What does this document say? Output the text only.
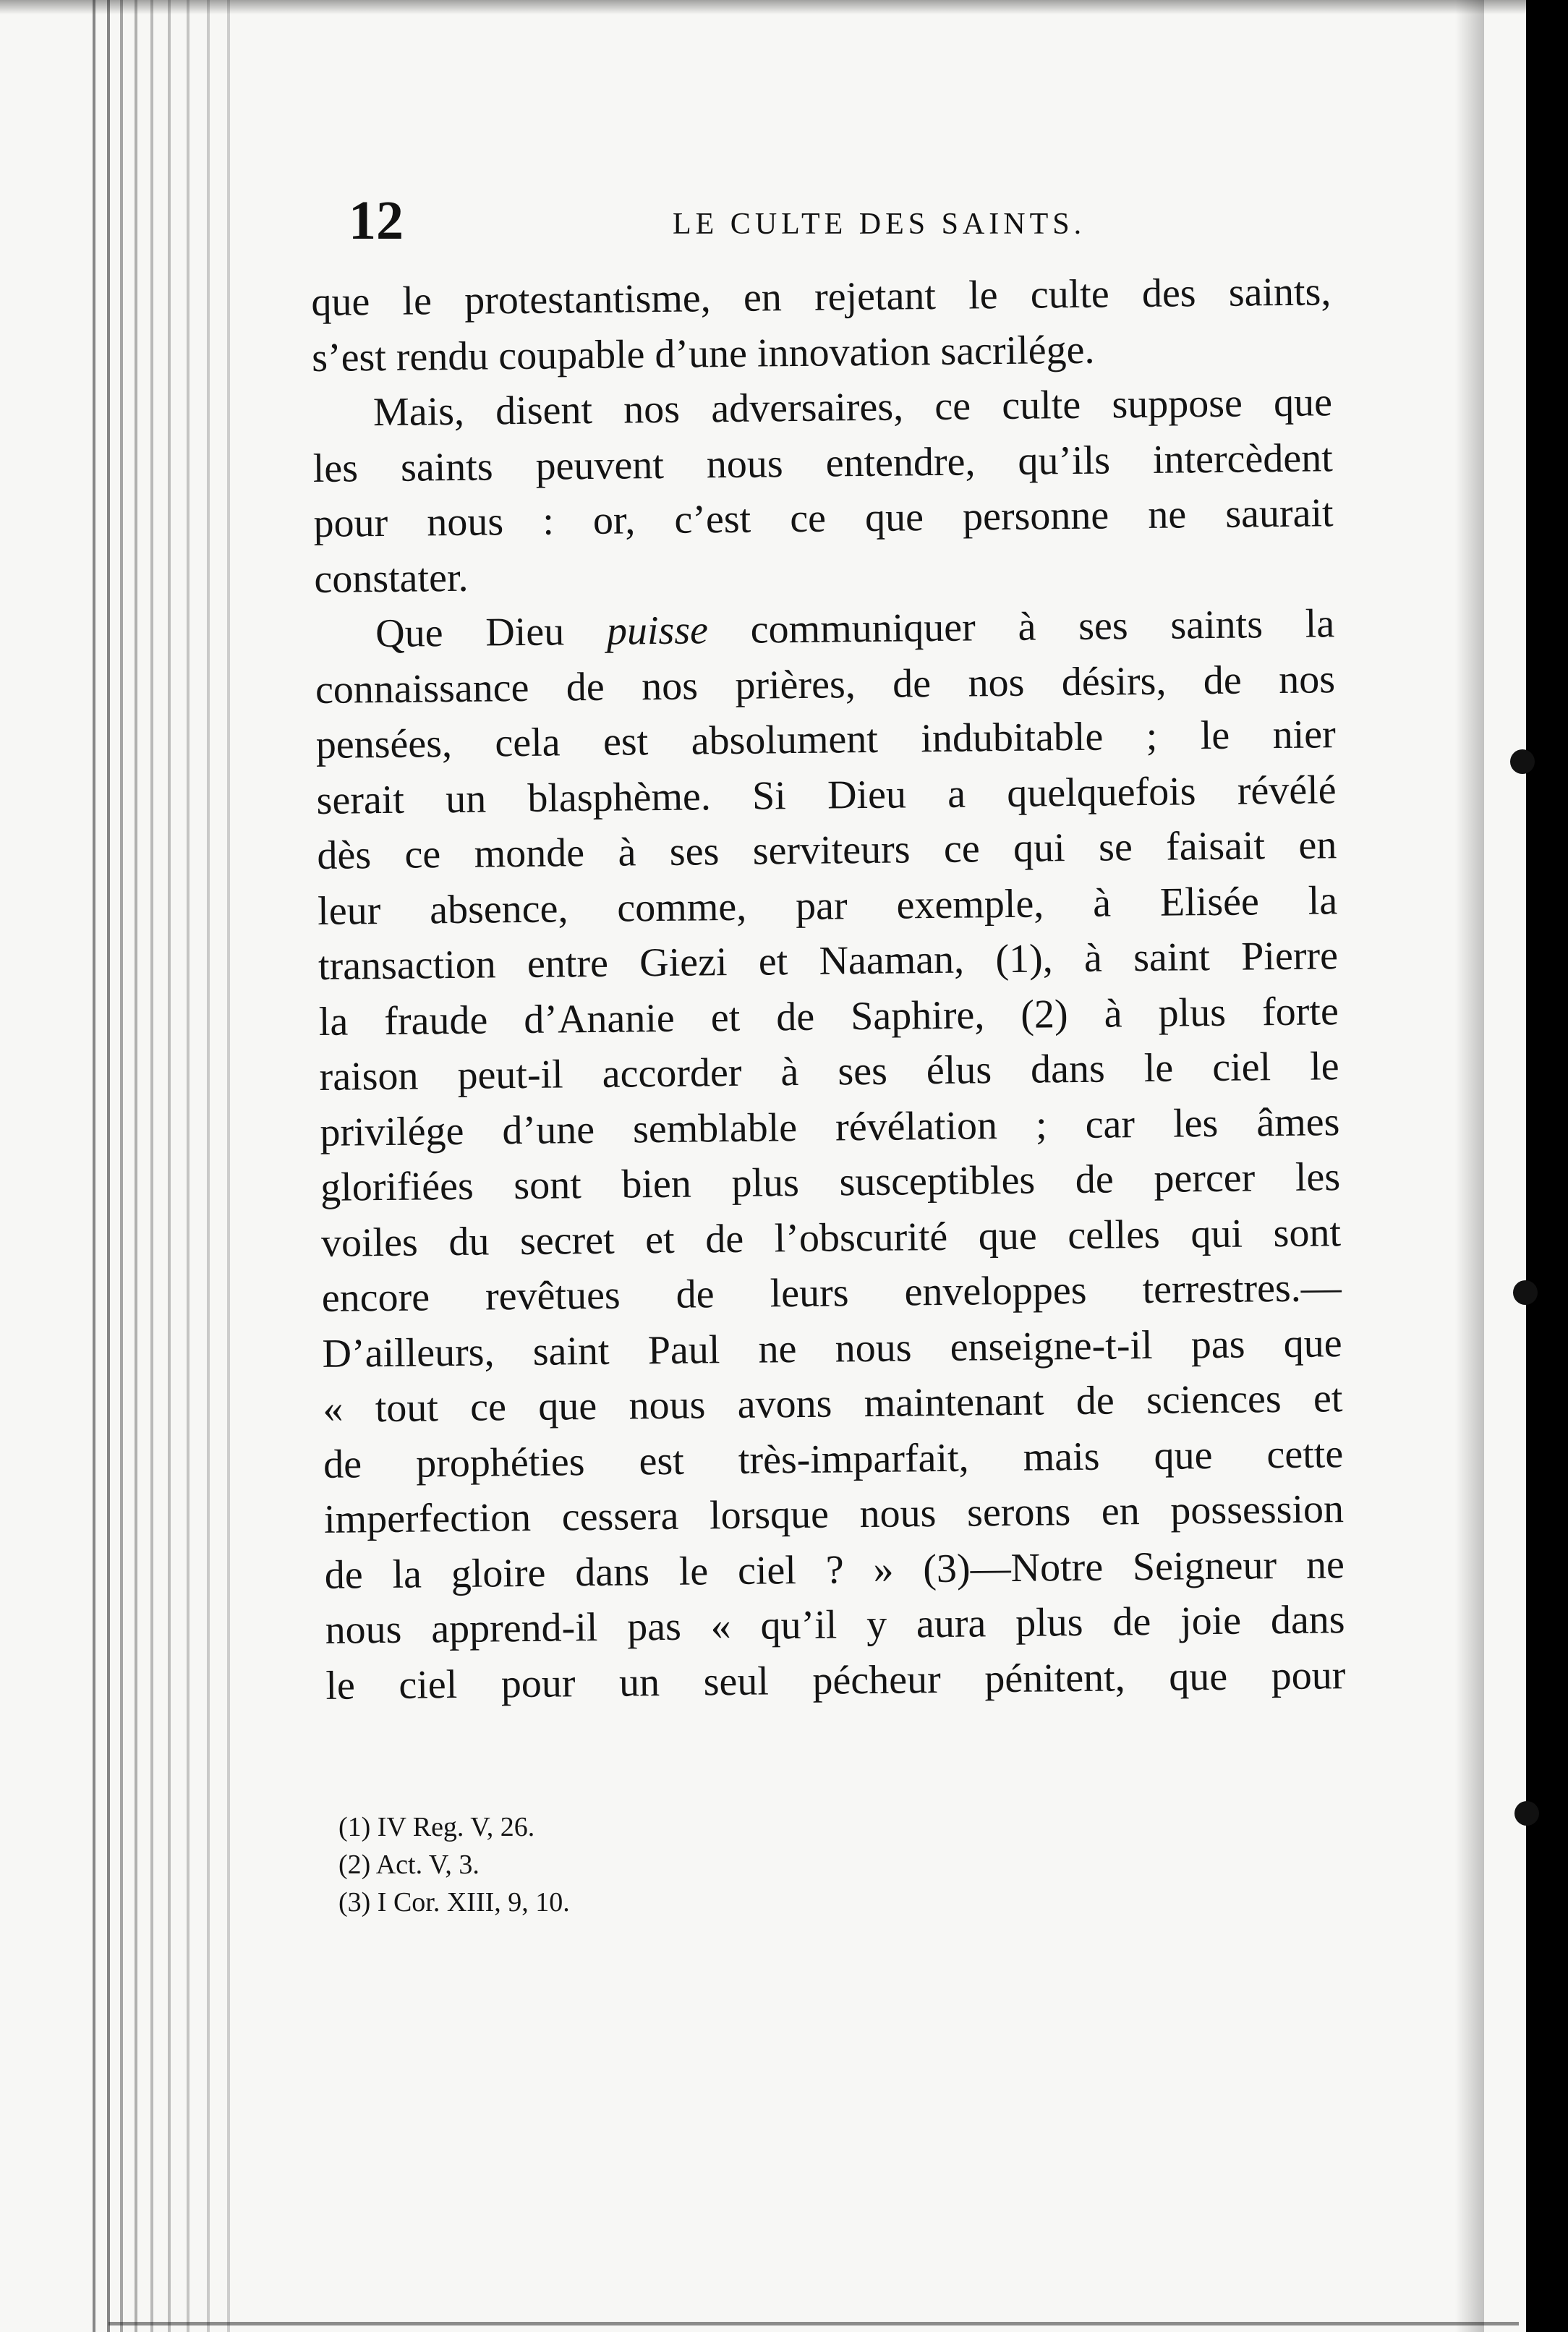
12	LE CULTE DES SAINTS.
que le protestantisme, en rejetant le culte des saints,
s’est rendu coupable d’une innovation sacrilége.
Mais, disent nos adversaires, ce culte suppose que
les saints peuvent nous entendre, qu’ils intercèdent
pour nous : or, c’est ce que personne ne saurait
constater.
Que Dieu puisse communiquer à ses saints la
connaissance de nos prières, de nos désirs, de nos
pensées, cela est absolument indubitable ; le nier
serait un blasphème. Si Dieu a quelquefois révélé
dès ce monde à ses serviteurs ce qui se faisait en
leur absence, comme, par exemple, à Elisée la
transaction entre Giezi et Naaman, (1), à saint Pierre
la fraude d’Ananie et de Saphire, (2) à plus forte
raison peut-il accorder à ses élus dans le ciel le
privilége d’une semblable révélation ; car les âmes
glorifiées sont bien plus susceptibles de percer les
voiles du secret et de l’obscurité que celles qui sont
encore revêtues de leurs enveloppes terrestres.—
D’ailleurs, saint Paul ne nous enseigne-t-il pas que
« tout ce que nous avons maintenant de sciences et
de prophéties est très-imparfait, mais que cette
imperfection cessera lorsque nous serons en possession
de la gloire dans le ciel ? » (3)—Notre Seigneur ne
nous apprend-il pas « qu’il y aura plus de joie dans
le ciel pour un seul pécheur pénitent, que pour
(1) IV Reg. V, 26.
(2) Act. V, 3.
(3) I Cor. XIII, 9, 10.
